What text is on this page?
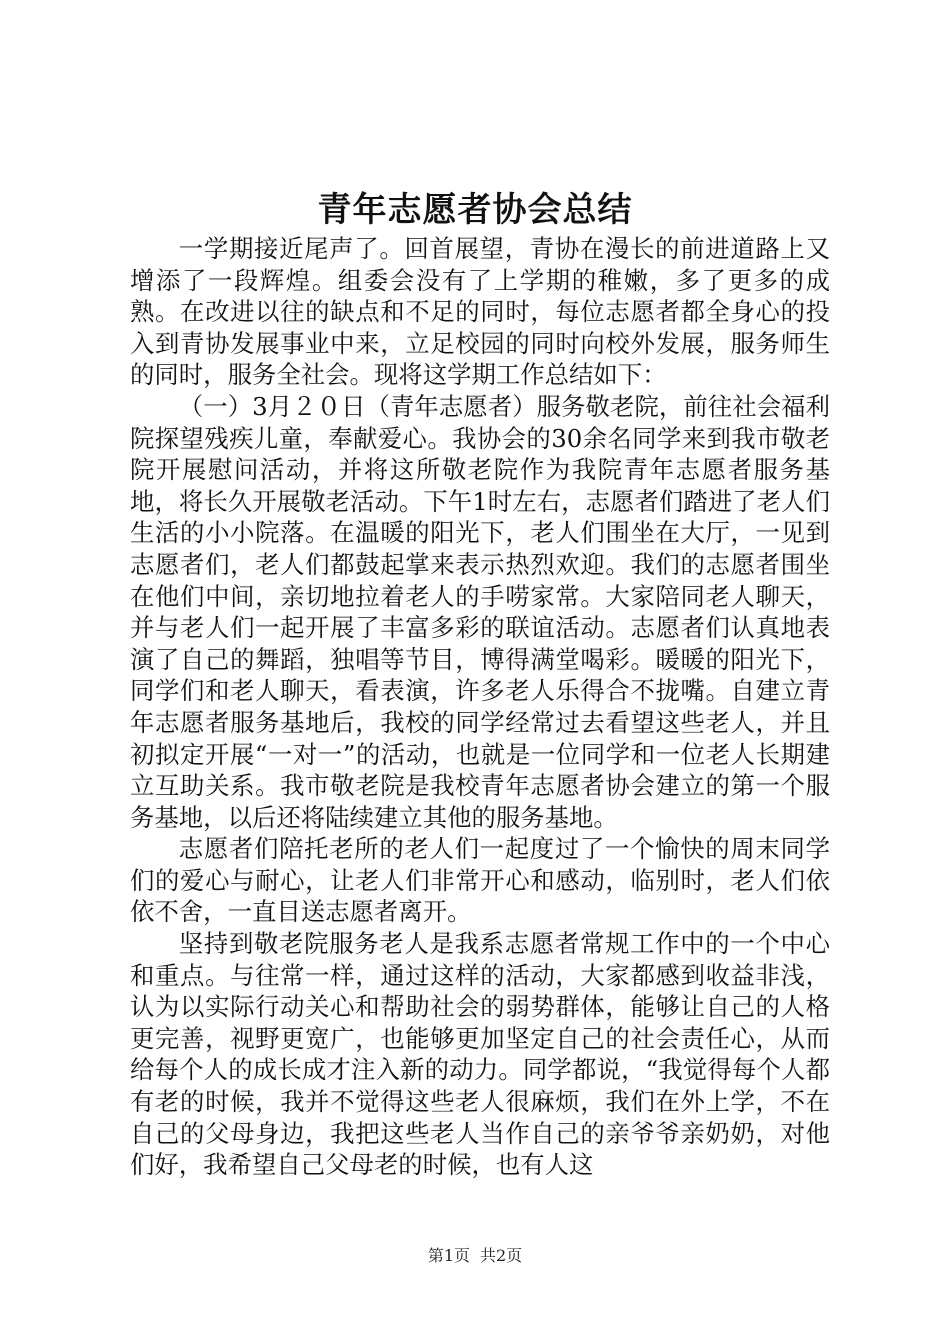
青年志愿者协会总结

一学期接近尾声了。回首展望，青协在漫长的前进道路上又增添了一段辉煌。组委会没有了上学期的稚嫩，多了更多的成熟。在改进以往的缺点和不足的同时，每位志愿者都全身心的投入到青协发展事业中来，立足校园的同时向校外发展，服务师生的同时，服务全社会。现将这学期工作总结如下：

（一）3月２０日（青年志愿者）服务敬老院，前往社会福利院探望残疾儿童，奉献爱心。我协会的30余名同学来到我市敬老院开展慰问活动，并将这所敬老院作为我院青年志愿者服务基地，将长久开展敬老活动。下午1时左右，志愿者们踏进了老人们生活的小小院落。在温暖的阳光下，老人们围坐在大厅，一见到志愿者们，老人们都鼓起掌来表示热烈欢迎。我们的志愿者围坐在他们中间，亲切地拉着老人的手唠家常。大家陪同老人聊天，并与老人们一起开展了丰富多彩的联谊活动。志愿者们认真地表演了自己的舞蹈，独唱等节目，博得满堂喝彩。暖暖的阳光下，同学们和老人聊天，看表演，许多老人乐得合不拢嘴。自建立青年志愿者服务基地后，我校的同学经常过去看望这些老人，并且初拟定开展“一对一”的活动，也就是一位同学和一位老人长期建立互助关系。我市敬老院是我校青年志愿者协会建立的第一个服务基地，以后还将陆续建立其他的服务基地。

志愿者们陪托老所的老人们一起度过了一个愉快的周末同学们的爱心与耐心，让老人们非常开心和感动，临别时，老人们依依不舍，一直目送志愿者离开。

坚持到敬老院服务老人是我系志愿者常规工作中的一个中心和重点。与往常一样，通过这样的活动，大家都感到收益非浅，认为以实际行动关心和帮助社会的弱势群体，能够让自己的人格更完善，视野更宽广，也能够更加坚定自己的社会责任心，从而给每个人的成长成才注入新的动力。同学都说，“我觉得每个人都有老的时候，我并不觉得这些老人很麻烦，我们在外上学，不在自己的父母身边，我把这些老人当作自己的亲爷爷亲奶奶，对他们好，我希望自己父母老的时候，也有人这

第1页 共2页
